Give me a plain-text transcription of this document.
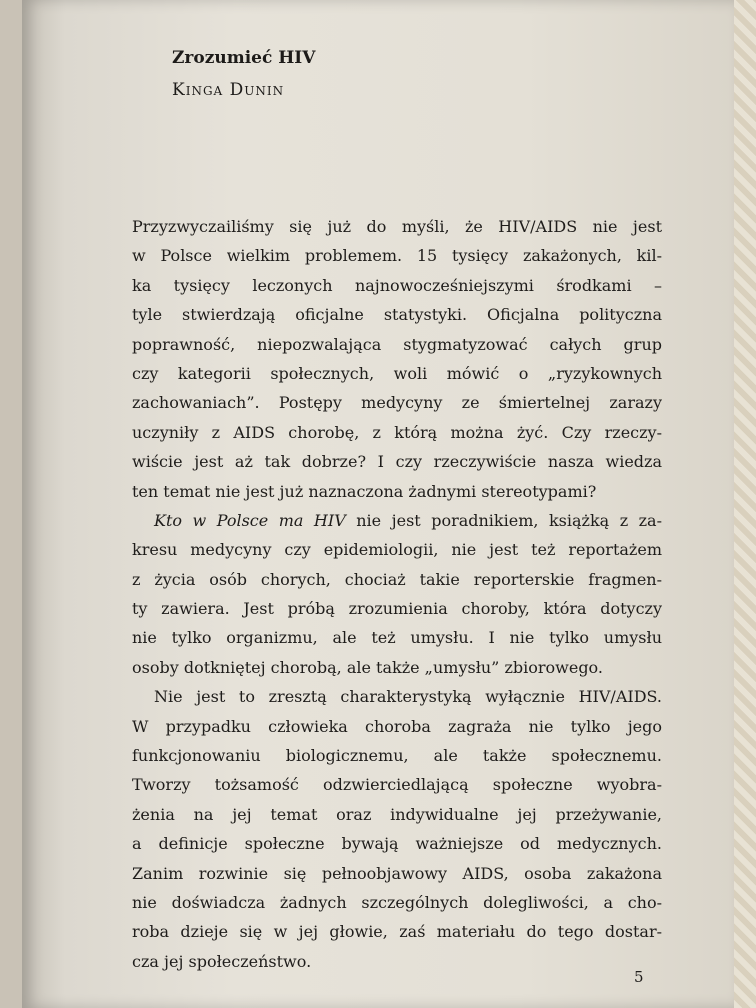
Zrozumieć HIV
Kinga Dunin
Przyzwyczailiśmy się już do myśli, że HIV/AIDS nie jest
w Polsce wielkim problemem. 15 tysięcy zakażonych, kil-
ka tysięcy leczonych najnowocześniejszymi środkami –
tyle stwierdzają oficjalne statystyki. Oficjalna polityczna
poprawność, niepozwalająca stygmatyzować całych grup
czy kategorii społecznych, woli mówić o „ryzykownych
zachowaniach”. Postępy medycyny ze śmiertelnej zarazy
uczyniły z AIDS chorobę, z którą można żyć. Czy rzeczy-
wiście jest aż tak dobrze? I czy rzeczywiście nasza wiedza
ten temat nie jest już naznaczona żadnymi stereotypami?
Kto w Polsce ma HIV nie jest poradnikiem, książką z za-
kresu medycyny czy epidemiologii, nie jest też reportażem
z życia osób chorych, chociaż takie reporterskie fragmen-
ty zawiera. Jest próbą zrozumienia choroby, która dotyczy
nie tylko organizmu, ale też umysłu. I nie tylko umysłu
osoby dotkniętej chorobą, ale także „umysłu” zbiorowego.
Nie jest to zresztą charakterystyką wyłącznie HIV/AIDS.
W przypadku człowieka choroba zagraża nie tylko jego
funkcjonowaniu biologicznemu, ale także społecznemu.
Tworzy tożsamość odzwierciedlającą społeczne wyobra-
żenia na jej temat oraz indywidualne jej przeżywanie,
a definicje społeczne bywają ważniejsze od medycznych.
Zanim rozwinie się pełnoobjawowy AIDS, osoba zakażona
nie doświadcza żadnych szczególnych dolegliwości, a cho-
roba dzieje się w jej głowie, zaś materiału do tego dostar-
cza jej społeczeństwo.
5
